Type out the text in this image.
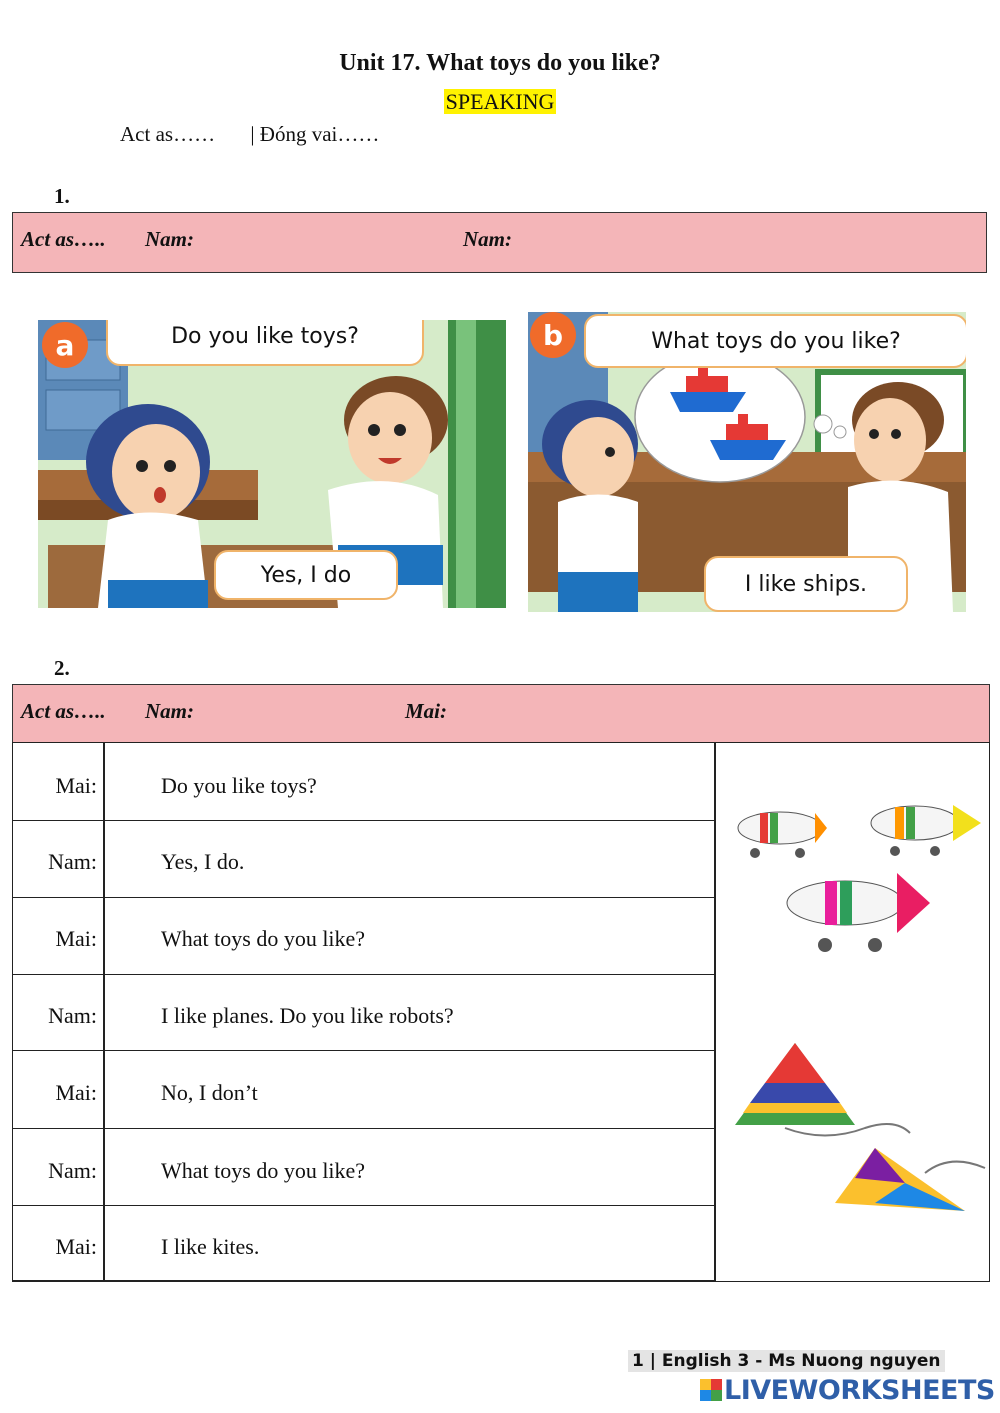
Unit 17. What toys do you like?
SPEAKING
Act as…… | Đóng vai……
1.
Act as….. Nam:	Nam:
a	Do you like toys?
Yes, I do
b	What toys do you like?
I like ships.
2.
Act as….. Nam:	Mai:
Mai:	Do you like toys?
Nam:	Yes, I do.
Mai:	What toys do you like?
Nam:	I like planes. Do you like robots?
Mai:	No, I don’t
Nam:	What toys do you like?
Mai:	I like kites.
1 | English 3 - Ms Nuong nguyen
LIVEWORKSHEETS
